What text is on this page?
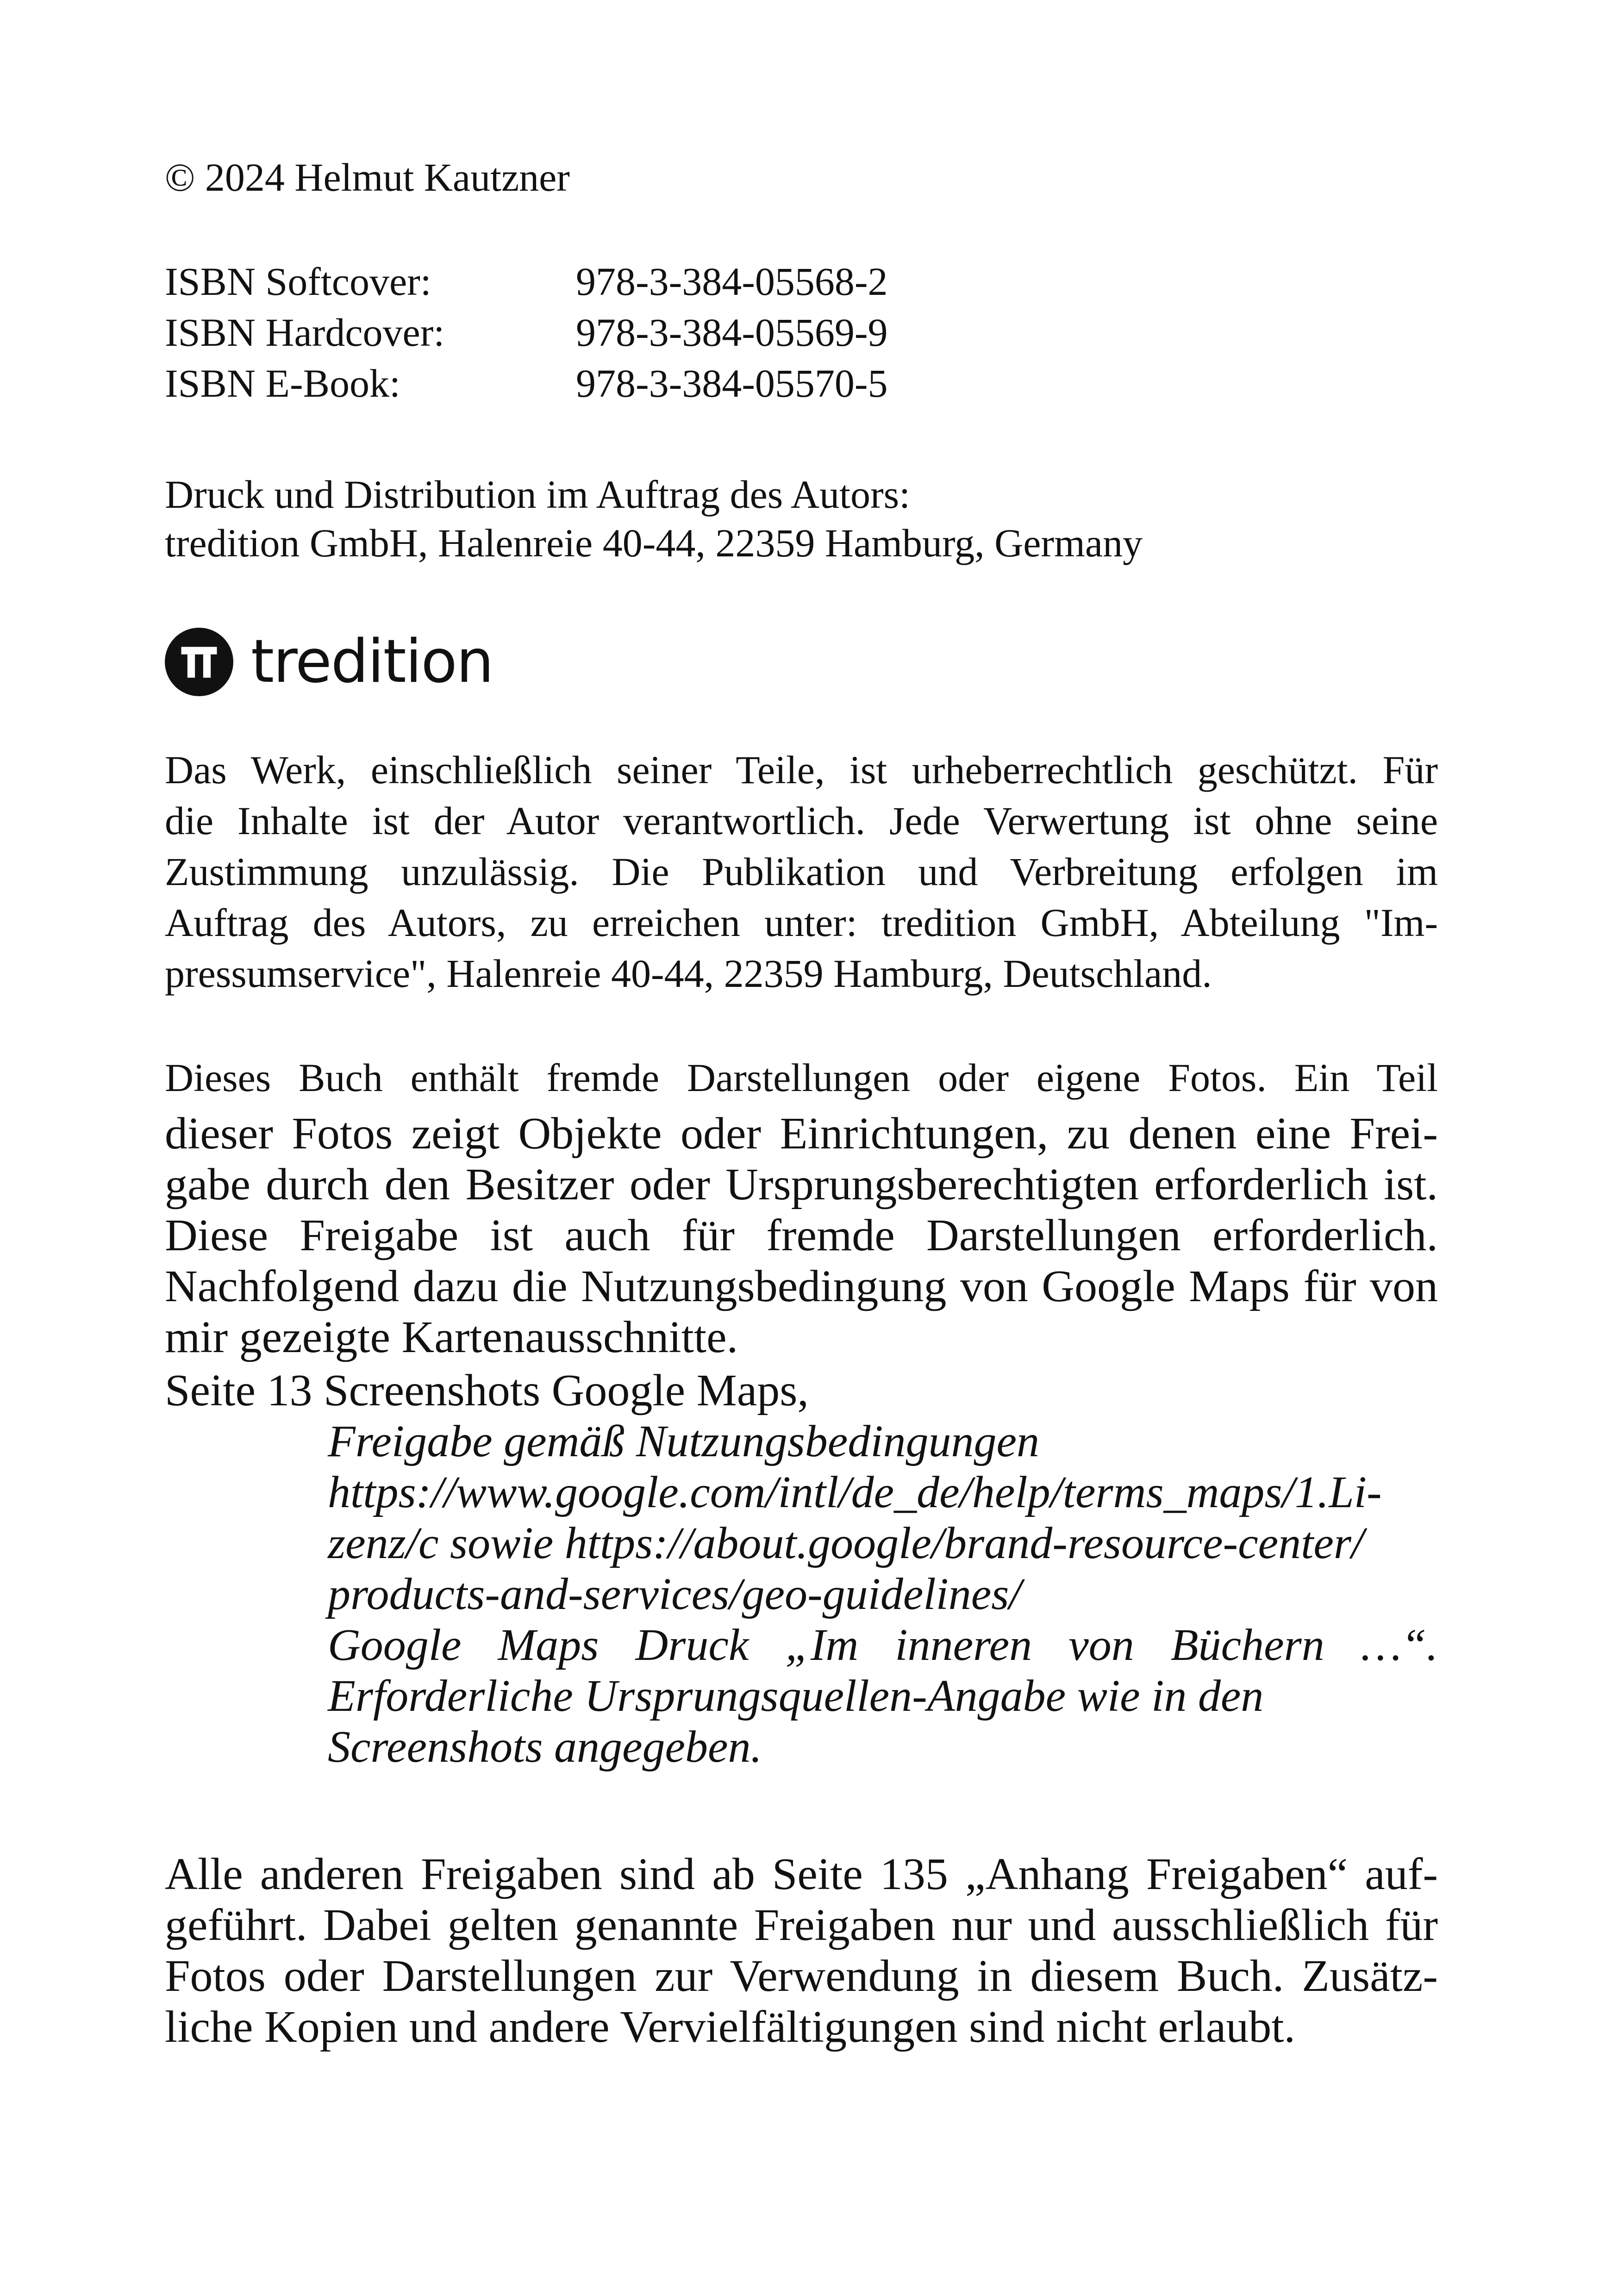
© 2024 Helmut Kautzner
ISBN Softcover:	978-3-384-05568-2
ISBN Hardcover:	978-3-384-05569-9
ISBN E-Book:	978-3-384-05570-5
Druck und Distribution im Auftrag des Autors:
tredition GmbH, Halenreie 40-44, 22359 Hamburg, Germany
tredition
Das Werk, einschließlich seiner Teile, ist urheberrechtlich geschützt. Für
die Inhalte ist der Autor verantwortlich. Jede Verwertung ist ohne seine
Zustimmung unzulässig. Die Publikation und Verbreitung erfolgen im
Auftrag des Autors, zu erreichen unter: tredition GmbH, Abteilung "Im-
pressumservice", Halenreie 40-44, 22359 Hamburg, Deutschland.
Dieses Buch enthält fremde Darstellungen oder eigene Fotos. Ein Teil
dieser Fotos zeigt Objekte oder Einrichtungen, zu denen eine Frei-
gabe durch den Besitzer oder Ursprungsberechtigten erforderlich ist.
Diese Freigabe ist auch für fremde Darstellungen erforderlich.
Nachfolgend dazu die Nutzungsbedingung von Google Maps für von
mir gezeigte Kartenausschnitte.
Seite 13 Screenshots Google Maps,
Freigabe gemäß Nutzungsbedingungen
https://www.google.com/intl/de_de/help/terms_maps/1.Li-
zenz/c sowie https://about.google/brand-resource-center/
products-and-services/geo-guidelines/
Google Maps Druck „Im inneren von Büchern …“.
Erforderliche Ursprungsquellen-Angabe wie in den
Screenshots angegeben.
Alle anderen Freigaben sind ab Seite 135 „Anhang Freigaben“ auf-
geführt. Dabei gelten genannte Freigaben nur und ausschließlich für
Fotos oder Darstellungen zur Verwendung in diesem Buch. Zusätz-
liche Kopien und andere Vervielfältigungen sind nicht erlaubt.
